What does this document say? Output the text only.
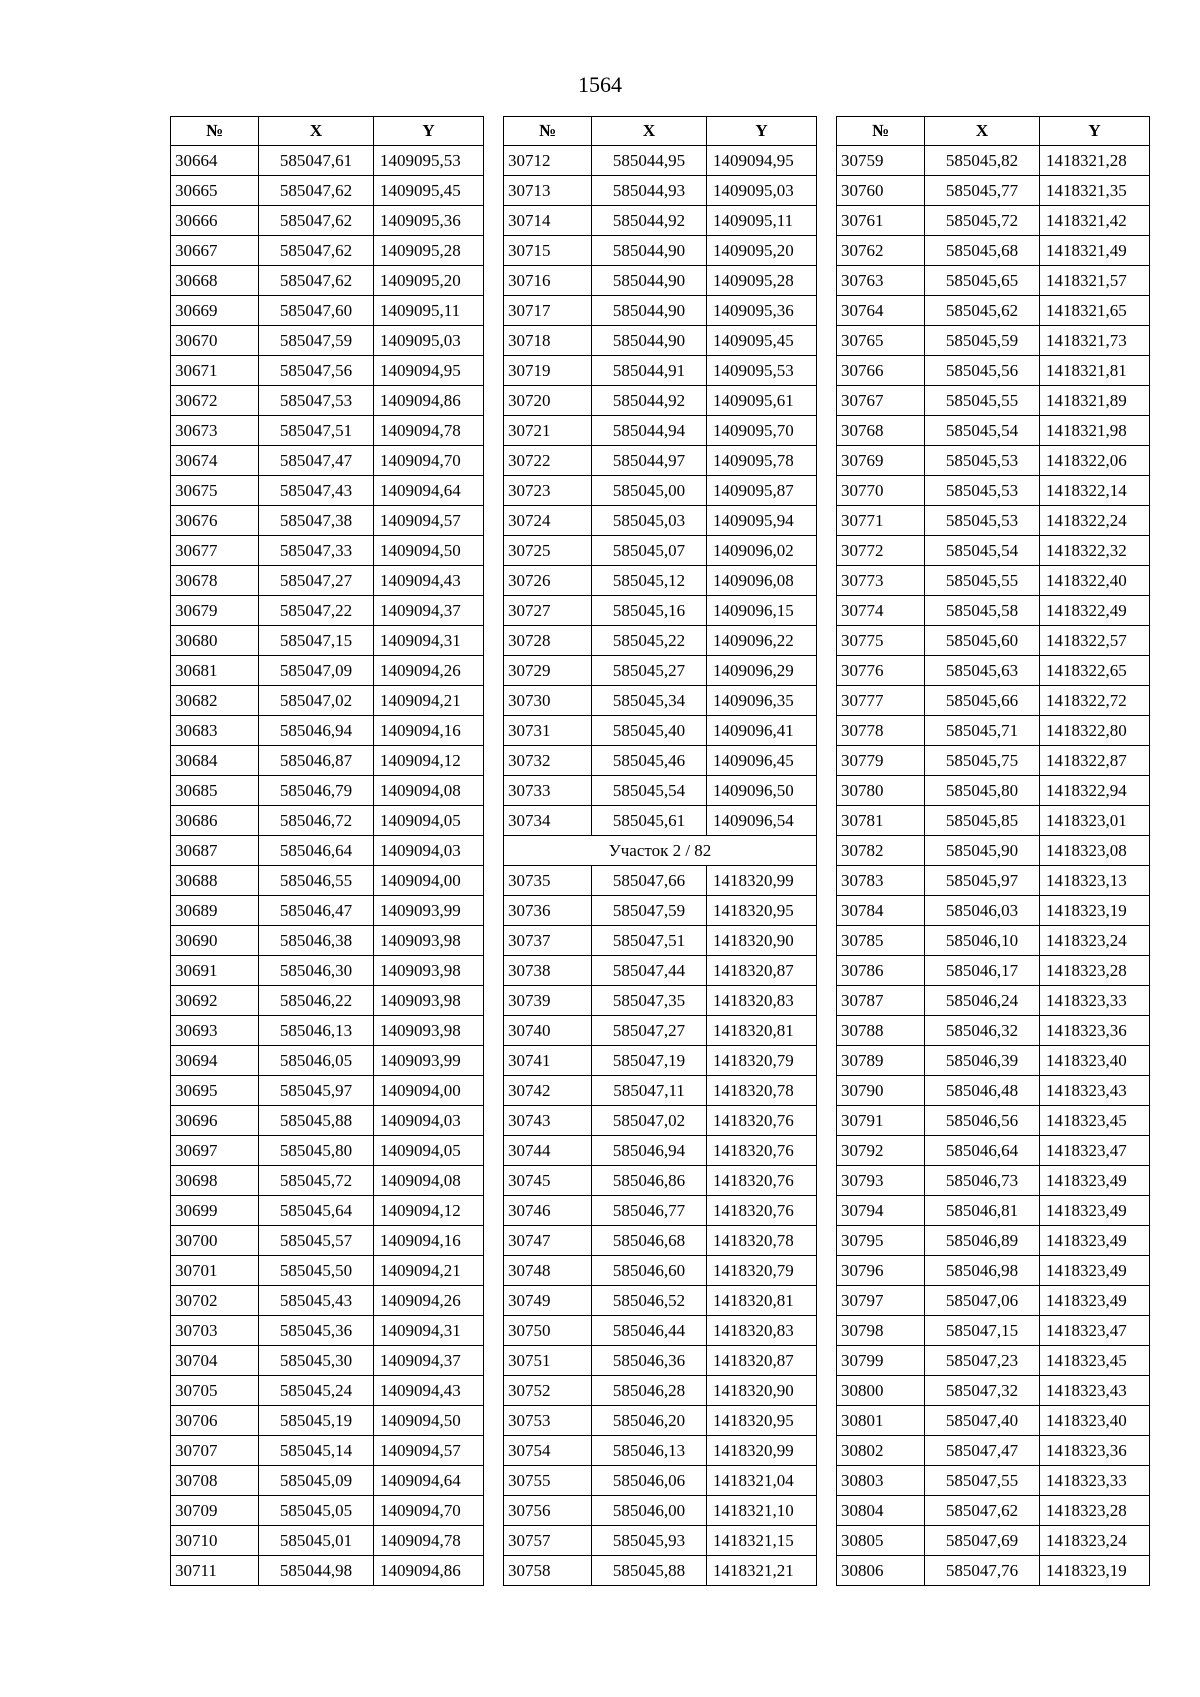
1564
№	X	Y
30664	585047,61	1409095,53
30665	585047,62	1409095,45
30666	585047,62	1409095,36
30667	585047,62	1409095,28
30668	585047,62	1409095,20
30669	585047,60	1409095,11
30670	585047,59	1409095,03
30671	585047,56	1409094,95
30672	585047,53	1409094,86
30673	585047,51	1409094,78
30674	585047,47	1409094,70
30675	585047,43	1409094,64
30676	585047,38	1409094,57
30677	585047,33	1409094,50
30678	585047,27	1409094,43
30679	585047,22	1409094,37
30680	585047,15	1409094,31
30681	585047,09	1409094,26
30682	585047,02	1409094,21
30683	585046,94	1409094,16
30684	585046,87	1409094,12
30685	585046,79	1409094,08
30686	585046,72	1409094,05
30687	585046,64	1409094,03
30688	585046,55	1409094,00
30689	585046,47	1409093,99
30690	585046,38	1409093,98
30691	585046,30	1409093,98
30692	585046,22	1409093,98
30693	585046,13	1409093,98
30694	585046,05	1409093,99
30695	585045,97	1409094,00
30696	585045,88	1409094,03
30697	585045,80	1409094,05
30698	585045,72	1409094,08
30699	585045,64	1409094,12
30700	585045,57	1409094,16
30701	585045,50	1409094,21
30702	585045,43	1409094,26
30703	585045,36	1409094,31
30704	585045,30	1409094,37
30705	585045,24	1409094,43
30706	585045,19	1409094,50
30707	585045,14	1409094,57
30708	585045,09	1409094,64
30709	585045,05	1409094,70
30710	585045,01	1409094,78
30711	585044,98	1409094,86
№	X	Y
30712	585044,95	1409094,95
30713	585044,93	1409095,03
30714	585044,92	1409095,11
30715	585044,90	1409095,20
30716	585044,90	1409095,28
30717	585044,90	1409095,36
30718	585044,90	1409095,45
30719	585044,91	1409095,53
30720	585044,92	1409095,61
30721	585044,94	1409095,70
30722	585044,97	1409095,78
30723	585045,00	1409095,87
30724	585045,03	1409095,94
30725	585045,07	1409096,02
30726	585045,12	1409096,08
30727	585045,16	1409096,15
30728	585045,22	1409096,22
30729	585045,27	1409096,29
30730	585045,34	1409096,35
30731	585045,40	1409096,41
30732	585045,46	1409096,45
30733	585045,54	1409096,50
30734	585045,61	1409096,54
Участок 2 / 82		
30735	585047,66	1418320,99
30736	585047,59	1418320,95
30737	585047,51	1418320,90
30738	585047,44	1418320,87
30739	585047,35	1418320,83
30740	585047,27	1418320,81
30741	585047,19	1418320,79
30742	585047,11	1418320,78
30743	585047,02	1418320,76
30744	585046,94	1418320,76
30745	585046,86	1418320,76
30746	585046,77	1418320,76
30747	585046,68	1418320,78
30748	585046,60	1418320,79
30749	585046,52	1418320,81
30750	585046,44	1418320,83
30751	585046,36	1418320,87
30752	585046,28	1418320,90
30753	585046,20	1418320,95
30754	585046,13	1418320,99
30755	585046,06	1418321,04
30756	585046,00	1418321,10
30757	585045,93	1418321,15
30758	585045,88	1418321,21
№	X	Y
30759	585045,82	1418321,28
30760	585045,77	1418321,35
30761	585045,72	1418321,42
30762	585045,68	1418321,49
30763	585045,65	1418321,57
30764	585045,62	1418321,65
30765	585045,59	1418321,73
30766	585045,56	1418321,81
30767	585045,55	1418321,89
30768	585045,54	1418321,98
30769	585045,53	1418322,06
30770	585045,53	1418322,14
30771	585045,53	1418322,24
30772	585045,54	1418322,32
30773	585045,55	1418322,40
30774	585045,58	1418322,49
30775	585045,60	1418322,57
30776	585045,63	1418322,65
30777	585045,66	1418322,72
30778	585045,71	1418322,80
30779	585045,75	1418322,87
30780	585045,80	1418322,94
30781	585045,85	1418323,01
30782	585045,90	1418323,08
30783	585045,97	1418323,13
30784	585046,03	1418323,19
30785	585046,10	1418323,24
30786	585046,17	1418323,28
30787	585046,24	1418323,33
30788	585046,32	1418323,36
30789	585046,39	1418323,40
30790	585046,48	1418323,43
30791	585046,56	1418323,45
30792	585046,64	1418323,47
30793	585046,73	1418323,49
30794	585046,81	1418323,49
30795	585046,89	1418323,49
30796	585046,98	1418323,49
30797	585047,06	1418323,49
30798	585047,15	1418323,47
30799	585047,23	1418323,45
30800	585047,32	1418323,43
30801	585047,40	1418323,40
30802	585047,47	1418323,36
30803	585047,55	1418323,33
30804	585047,62	1418323,28
30805	585047,69	1418323,24
30806	585047,76	1418323,19
